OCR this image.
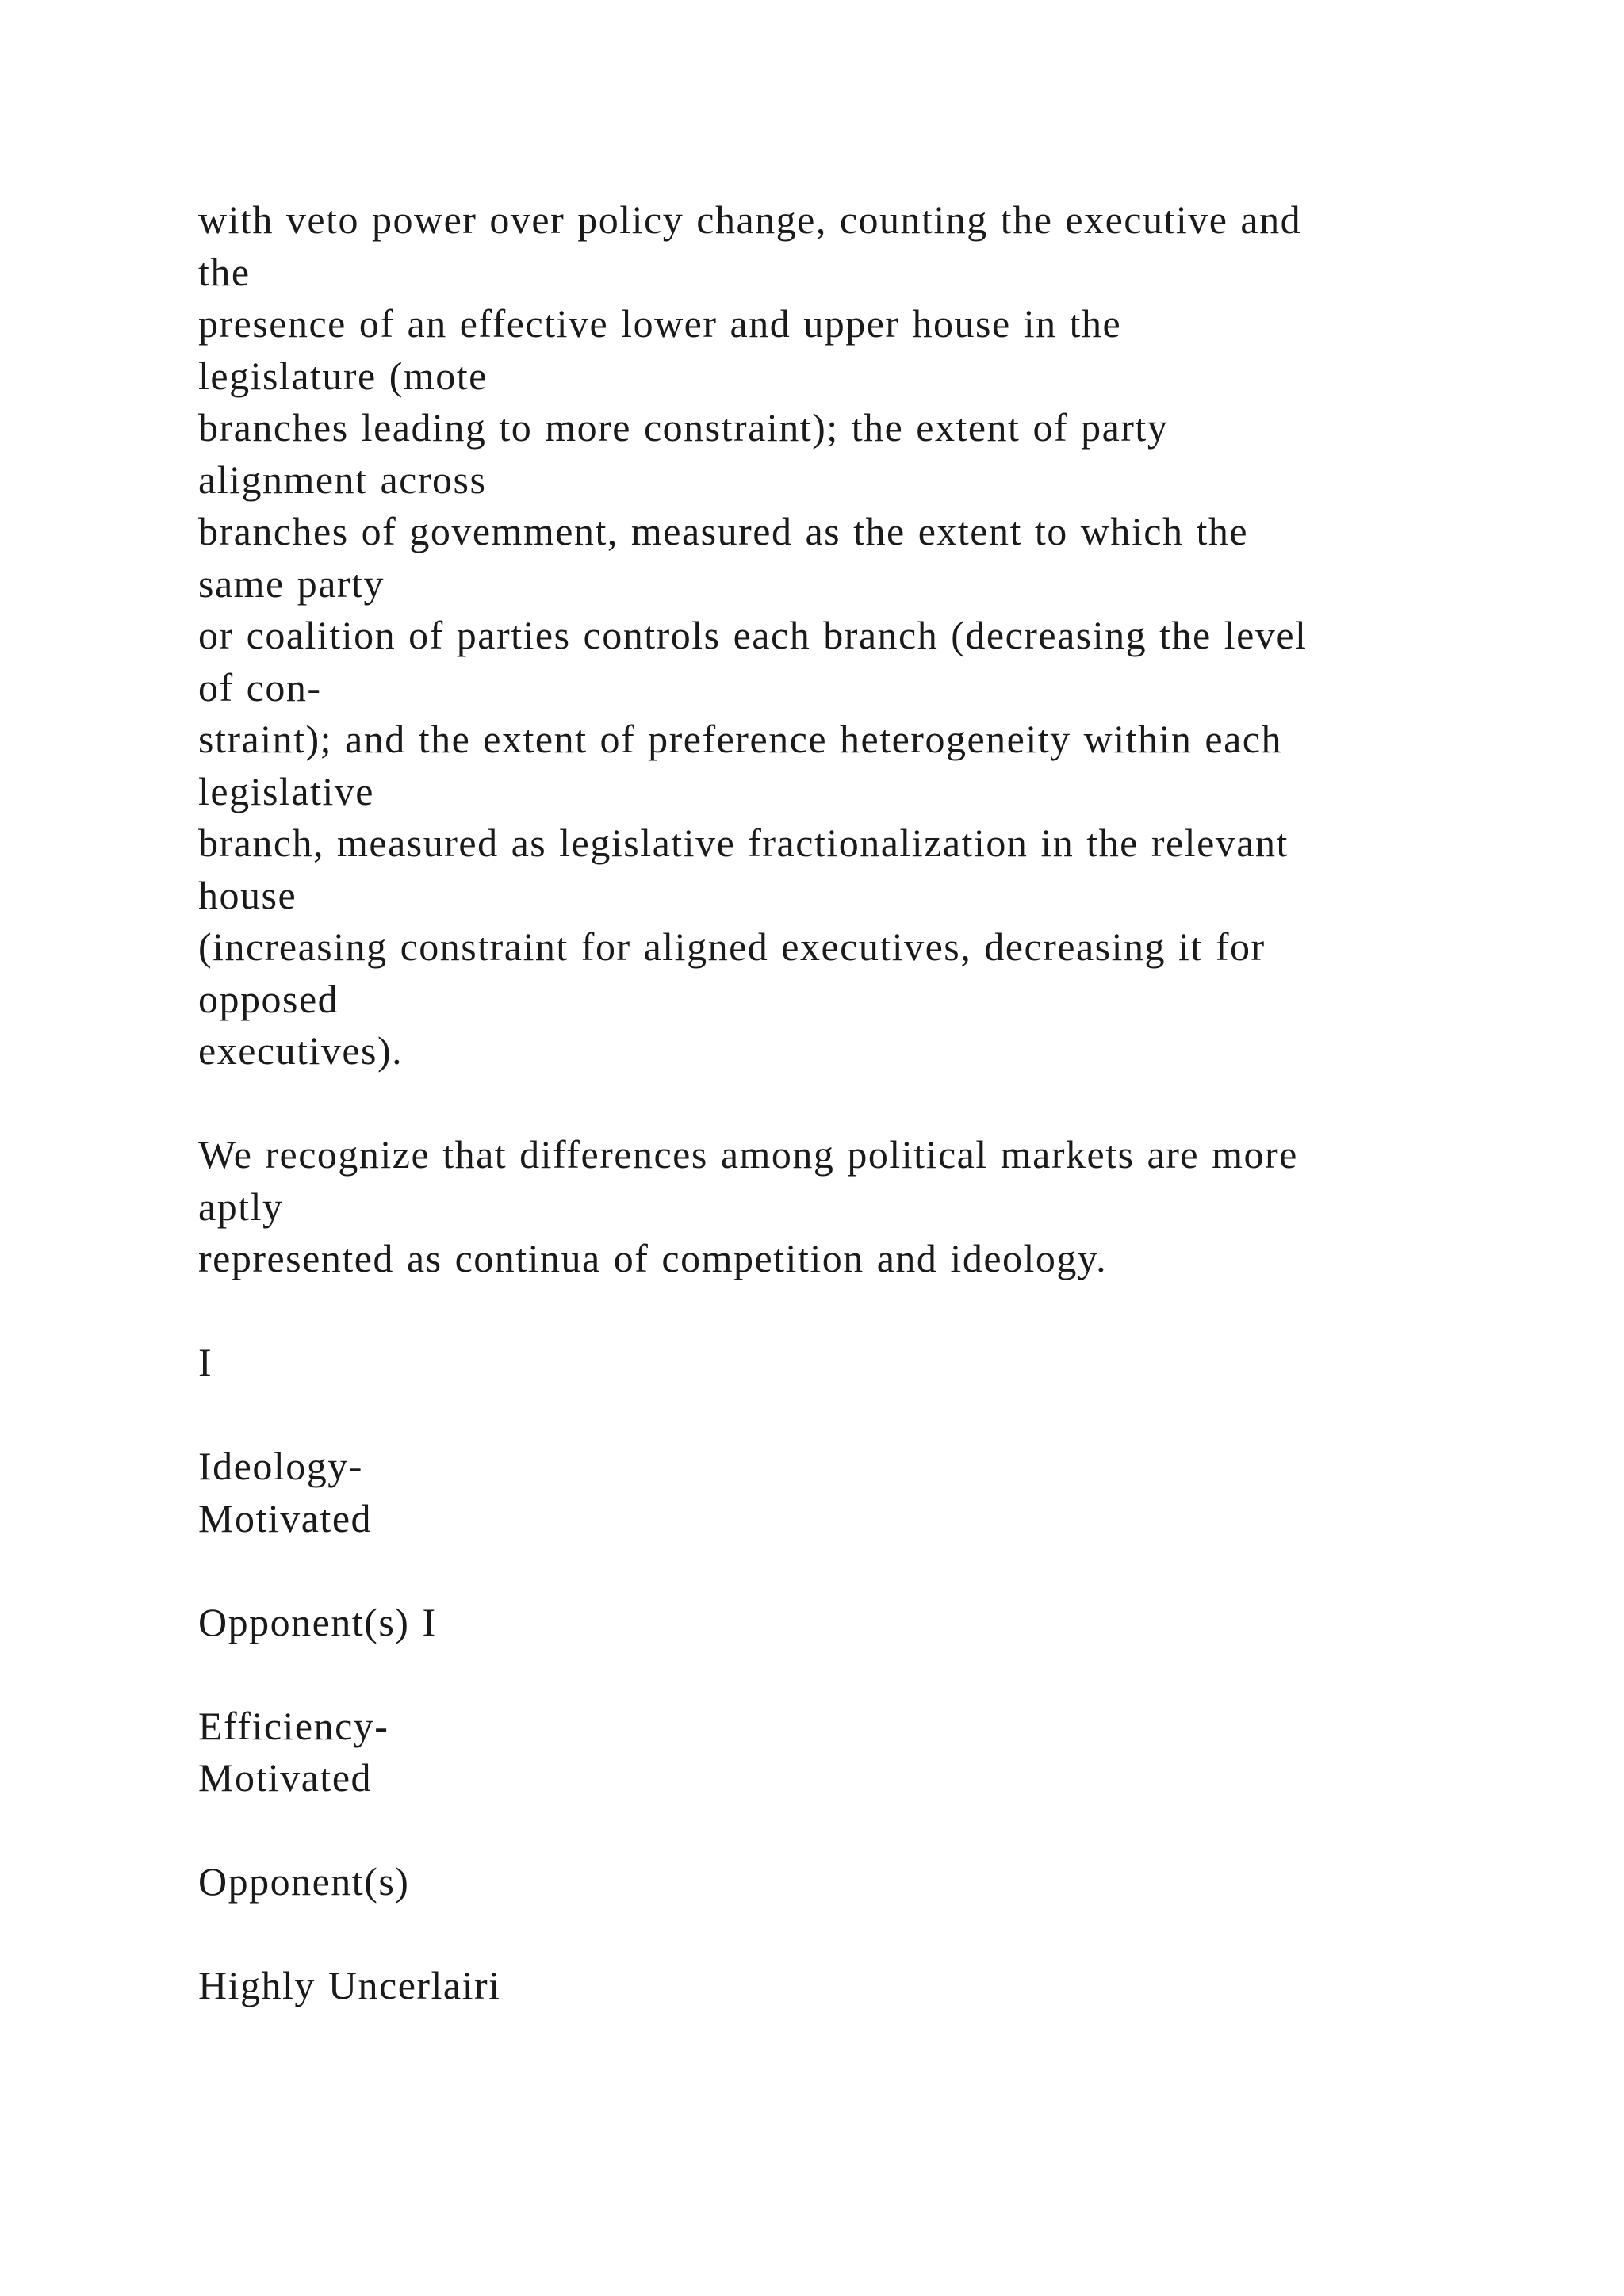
with veto power over policy change, counting the executive and
the
presence of an effective lower and upper house in the
legislature (mote
branches leading to more constraint); the extent of party
alignment across
branches of govemment, measured as the extent to which the
same party
or coalition of parties controls each branch (decreasing the level
of con-
straint); and the extent of preference heterogeneity within each
legislative
branch, measured as legislative fractionalization in the relevant
house
(increasing constraint for aligned executives, decreasing it for
opposed
executives).
We recognize that differences among political markets are more
aptly
represented as continua of competition and ideology.
I
Ideology-
Motivated
Opponent(s) I
Efficiency-
Motivated
Opponent(s)
Highly Uncerlairi
